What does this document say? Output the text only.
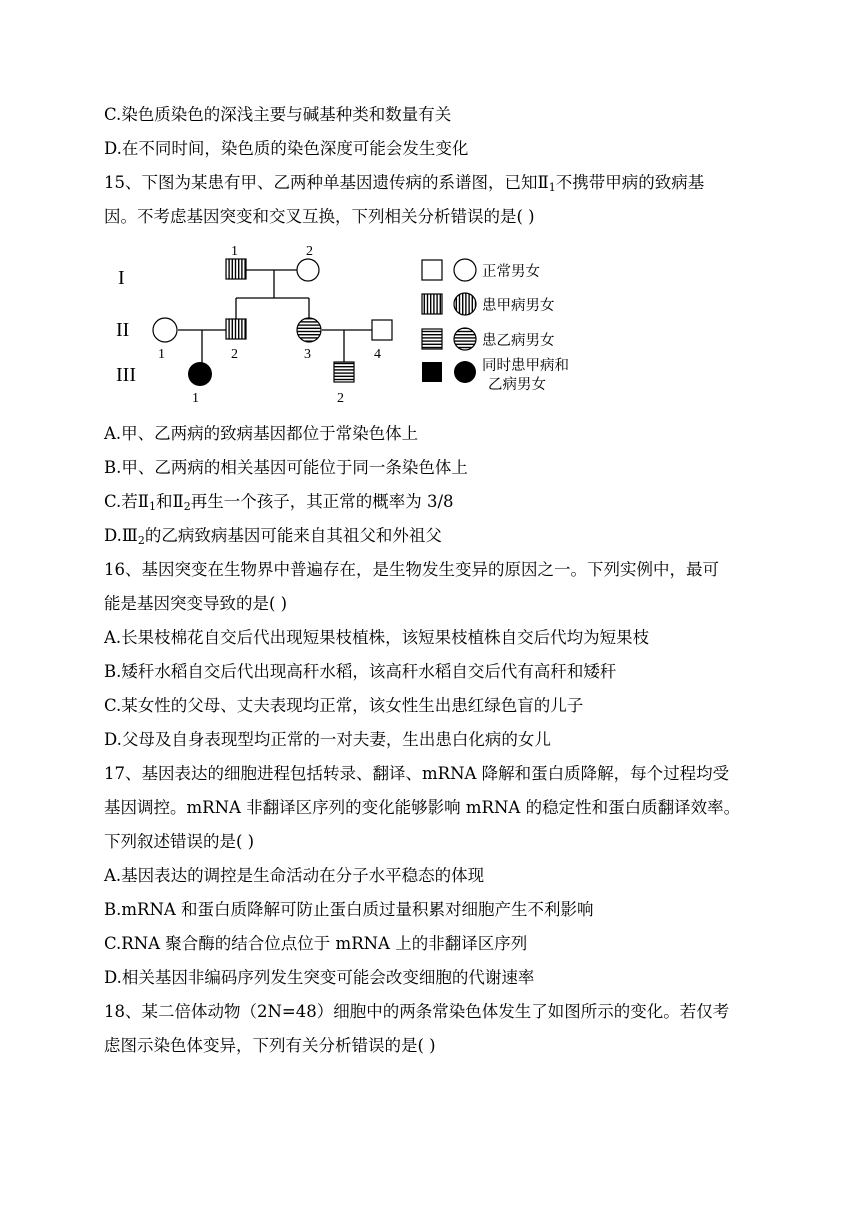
C.染色质染色的深浅主要与碱基种类和数量有关
D.在不同时间，染色质的染色深度可能会发生变化
15、下图为某患有甲、乙两种单基因遗传病的系谱图，已知$Ⅱ_1$不携带甲病的致病基
因。不考虑基因突变和交叉互换，下列相关分析错误的是( )
I
II
III
1	2
1	2	3	4
1	2
正常男女
患甲病男女
患乙病男女
同时患甲病和
乙病男女
A.甲、乙两病的致病基因都位于常染色体上
B.甲、乙两病的相关基因可能位于同一条染色体上
C.若$Ⅱ_1$和$Ⅱ_2$再生一个孩子，其正常的概率为 3/8
$D.Ⅲ_2$的乙病致病基因可能来自其祖父和外祖父
16、基因突变在生物界中普遍存在，是生物发生变异的原因之一。下列实例中，最可
能是基因突变导致的是( )
A.长果枝棉花自交后代出现短果枝植株，该短果枝植株自交后代均为短果枝
B.矮秆水稻自交后代出现高秆水稻，该高秆水稻自交后代有高秆和矮秆
C.某女性的父母、丈夫表现均正常，该女性生出患红绿色盲的儿子
D.父母及自身表现型均正常的一对夫妻，生出患白化病的女儿
17、基因表达的细胞进程包括转录、翻译、mRNA 降解和蛋白质降解，每个过程均受
基因调控。mRNA 非翻译区序列的变化能够影响 mRNA 的稳定性和蛋白质翻译效率。
下列叙述错误的是( )
A.基因表达的调控是生命活动在分子水平稳态的体现
B.mRNA 和蛋白质降解可防止蛋白质过量积累对细胞产生不利影响
C.RNA 聚合酶的结合位点位于 mRNA 上的非翻译区序列
D.相关基因非编码序列发生突变可能会改变细胞的代谢速率
18、某二倍体动物（2N=48）细胞中的两条常染色体发生了如图所示的变化。若仅考
虑图示染色体变异，下列有关分析错误的是( )
